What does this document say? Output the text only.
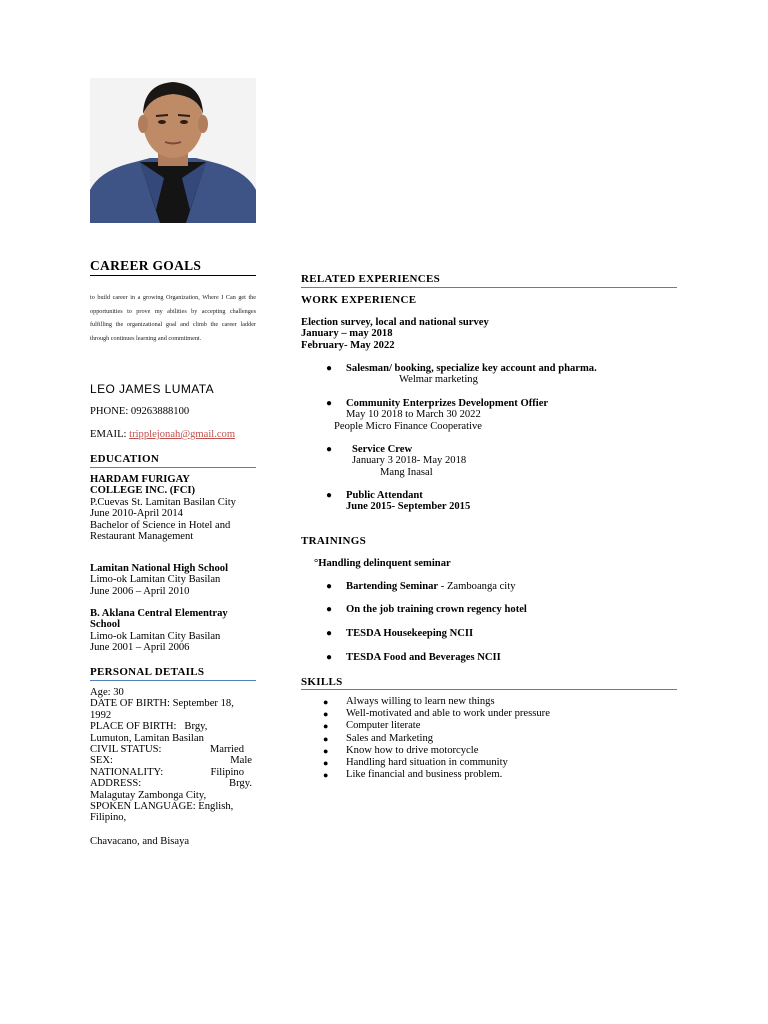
CAREER GOALS
to build career in a growing Organization, Where I Can get the opportunities to prove my abilities by accepting challenges fulfilling the organizational goal and climb the career ladder through continues learning and commitment.
LEO JAMES LUMATA
PHONE: 09263888100
EMAIL: tripplejonah@gmail.com
EDUCATION
HARDAM FURIGAY
COLLEGE INC. (FCI)
P.Cuevas St. Lamitan Basilan City
June 2010-April 2014
Bachelor of Science in Hotel and
Restaurant Management
Lamitan National High School
Limo-ok Lamitan City Basilan
June 2006 – April 2010
B. Aklana Central Elementray
School
Limo-ok Lamitan City Basilan
June 2001 – April 2006
PERSONAL DETAILS
Age: 30
DATE OF BIRTH: September 18,
1992
PLACE OF BIRTH:   Brgy,
Lumuton, Lamitan Basilan
CIVIL STATUS:	Married
SEX:	Male
NATIONALITY:	Filipino
ADDRESS:	Brgy.
Malagutay Zambonga City,
SPOKEN LANGUAGE: English,
Filipino,
Chavacano, and Bisaya
RELATED EXPERIENCES
WORK EXPERIENCE
Election survey, local and national survey
January – may 2018
February- May 2022
●	Salesman/ booking, specialize key account and pharma.
Welmar marketing
●	Community Enterprizes Development Offier
May 10 2018 to March 30 2022
People Micro Finance Cooperative
●	Service Crew
January 3 2018- May 2018
Mang Inasal
●	Public Attendant
June 2015- September 2015
TRAININGS
°Handling delinquent seminar
●	Bartending Seminar - Zamboanga city
●	On the job training crown regency hotel
●	TESDA Housekeeping NCII
●	TESDA Food and Beverages NCII
SKILLS
● Always willing to learn new things
● Well-motivated and able to work under pressure
● Computer literate
● Sales and Marketing
● Know how to drive motorcycle
● Handling hard situation in community
● Like financial and business problem.
